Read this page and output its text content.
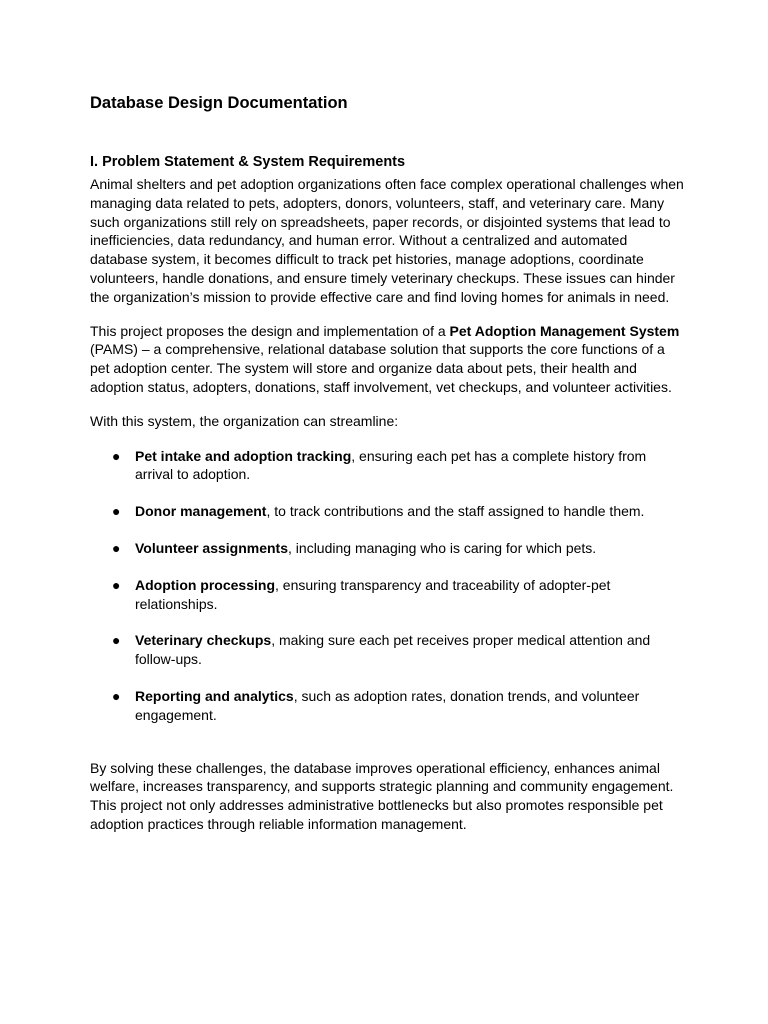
Database Design Documentation
I. Problem Statement & System Requirements

Animal shelters and pet adoption organizations often face complex operational challenges when managing data related to pets, adopters, donors, volunteers, staff, and veterinary care. Many such organizations still rely on spreadsheets, paper records, or disjointed systems that lead to inefficiencies, data redundancy, and human error. Without a centralized and automated database system, it becomes difficult to track pet histories, manage adoptions, coordinate volunteers, handle donations, and ensure timely veterinary checkups. These issues can hinder the organization’s mission to provide effective care and find loving homes for animals in need.

This project proposes the design and implementation of a Pet Adoption Management System (PAMS) – a comprehensive, relational database solution that supports the core functions of a pet adoption center. The system will store and organize data about pets, their health and adoption status, adopters, donations, staff involvement, vet checkups, and volunteer activities.

With this system, the organization can streamline:

● Pet intake and adoption tracking, ensuring each pet has a complete history from arrival to adoption.
● Donor management, to track contributions and the staff assigned to handle them.
● Volunteer assignments, including managing who is caring for which pets.
● Adoption processing, ensuring transparency and traceability of adopter-pet relationships.
● Veterinary checkups, making sure each pet receives proper medical attention and follow-ups.
● Reporting and analytics, such as adoption rates, donation trends, and volunteer engagement.

By solving these challenges, the database improves operational efficiency, enhances animal welfare, increases transparency, and supports strategic planning and community engagement. This project not only addresses administrative bottlenecks but also promotes responsible pet adoption practices through reliable information management.
